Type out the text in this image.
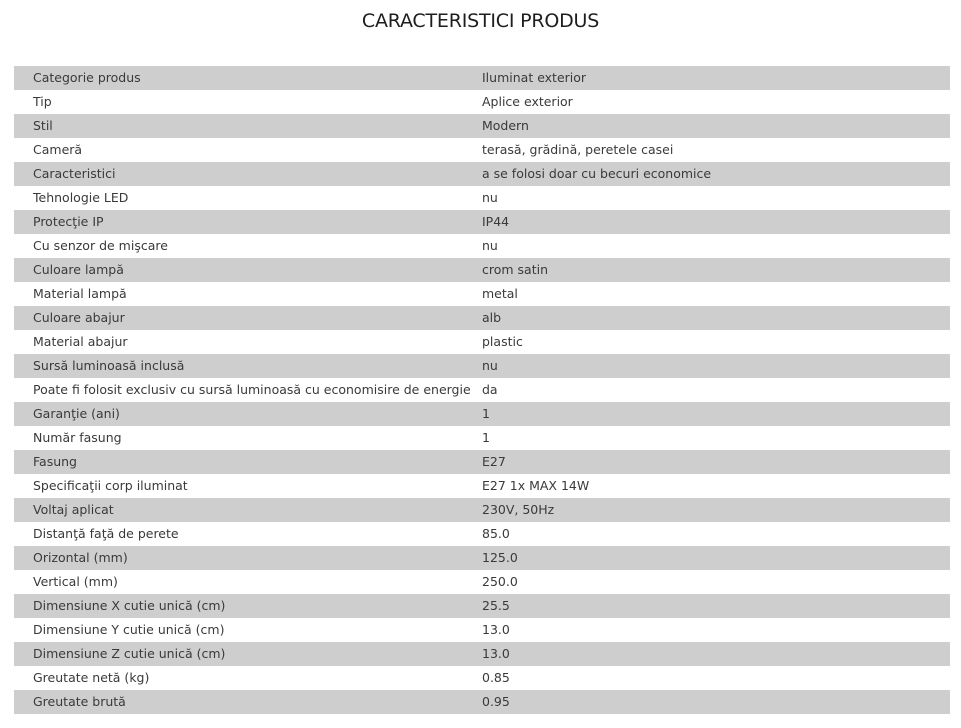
CARACTERISTICI PRODUS
Categorie produs	Iluminat exterior
Tip	Aplice exterior
Stil	Modern
Cameră	terasă, grădină, peretele casei
Caracteristici	a se folosi doar cu becuri economice
Tehnologie LED	nu
Protecţie IP	IP44
Cu senzor de mişcare	nu
Culoare lampă	crom satin
Material lampă	metal
Culoare abajur	alb
Material abajur	plastic
Sursă luminoasă inclusă	nu
Poate fi folosit exclusiv cu sursă luminoasă cu economisire de energie	da
Garanţie (ani)	1
Număr fasung	1
Fasung	E27
Specificaţii corp iluminat	E27 1x MAX 14W
Voltaj aplicat	230V, 50Hz
Distanţă faţă de perete	85.0
Orizontal (mm)	125.0
Vertical (mm)	250.0
Dimensiune X cutie unică (cm)	25.5
Dimensiune Y cutie unică (cm)	13.0
Dimensiune Z cutie unică (cm)	13.0
Greutate netă (kg)	0.85
Greutate brută	0.95
